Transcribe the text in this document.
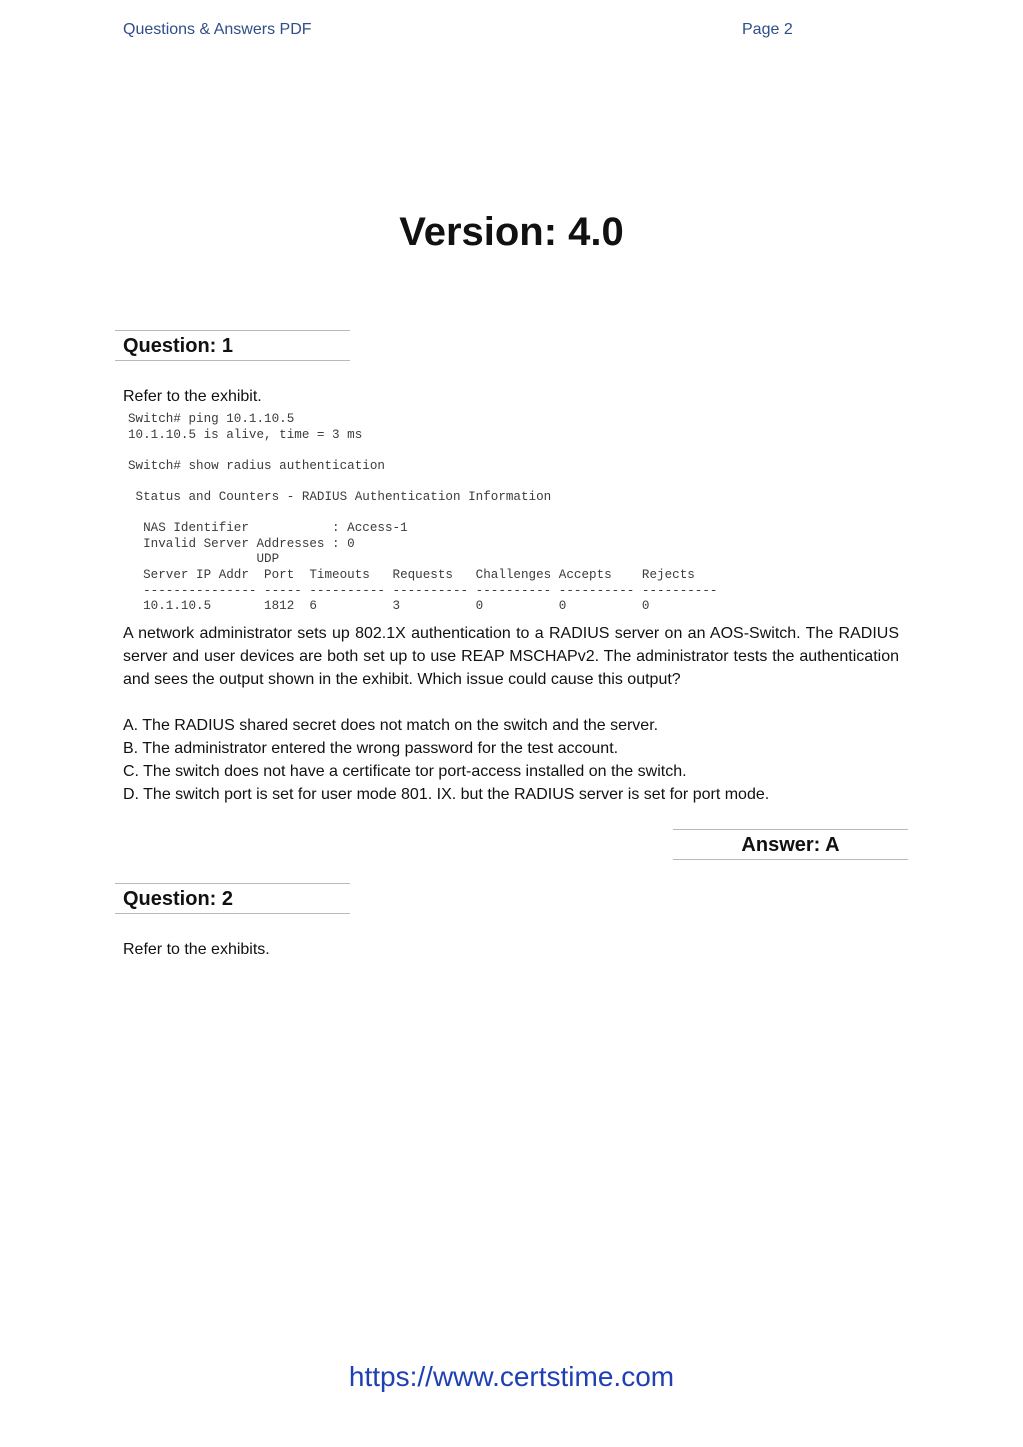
Questions & Answers PDF	Page 2
Version: 4.0
Question: 1
Refer to the exhibit.
Switch# ping 10.1.10.5
10.1.10.5 is alive, time = 3 ms

Switch# show radius authentication

Status and Counters - RADIUS Authentication Information

NAS Identifier           : Access-1
Invalid Server Addresses : 0
UDP
Server IP Addr  Port  Timeouts   Requests   Challenges Accepts    Rejects
--------------- ----- ---------- ---------- ---------- ---------- ----------
10.1.10.5       1812  6          3          0          0          0
A network administrator sets up 802.1X authentication to a RADIUS server on an AOS-Switch. The RADIUS server and user devices are both set up to use REAP MSCHAPv2. The administrator tests the authentication and sees the output shown in the exhibit. Which issue could cause this output?
A. The RADIUS shared secret does not match on the switch and the server.
B. The administrator entered the wrong password for the test account.
C. The switch does not have a certificate tor port-access installed on the switch.
D. The switch port is set for user mode 801. IX. but the RADIUS server is set for port mode.
Answer: A
Question: 2
Refer to the exhibits.
https://www.certstime.com
